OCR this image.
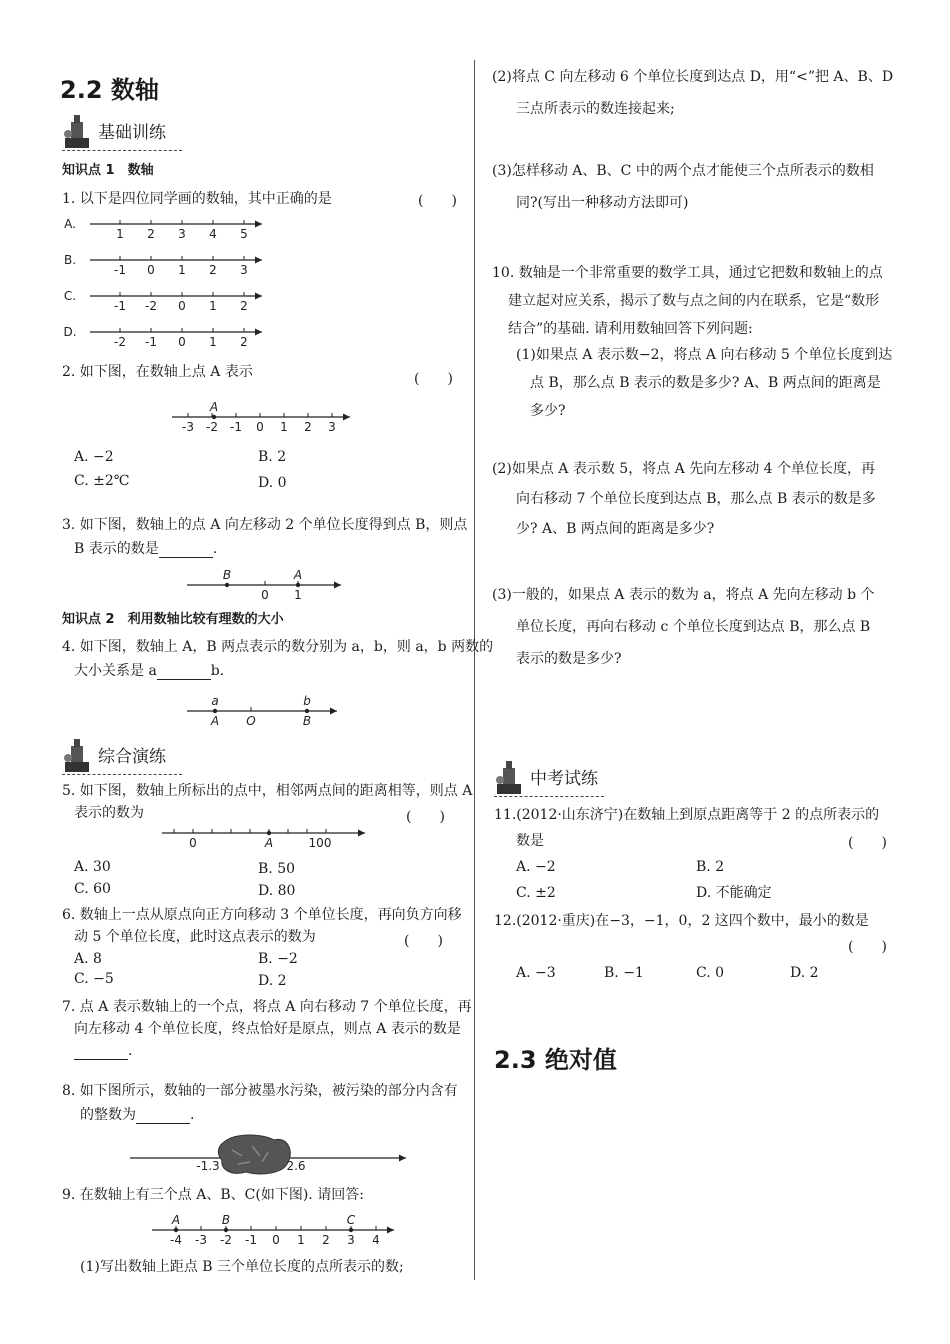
2.2 数轴
基础训练
知识点 1　数轴
1. 以下是四位同学画的数轴，其中正确的是	(　　)
A.
1 2 3 4 5
B.
-1 0 1 2 3
C.
-1 -2 0 1 2
D.
-2 -1 0 1 2
2. 如下图，在数轴上点 A 表示	(　　)
-3 -2 -1 0 1 2 3
A
A. −2	B. 2
C. ±2℃	D. 0
3. 如下图，数轴上的点 A 向左移动 2 个单位长度得到点 B，则点
B 表示的数是	.
B
0
A
1
知识点 2　利用数轴比较有理数的大小
4. 如下图，数轴上 A，B 两点表示的数分别为 a，b，则 a，b 两数的
大小关系是 a	b.
a
A O
b
B
综合演练
5. 如下图，数轴上所标出的点中，相邻两点间的距离相等，则点 A
表示的数为	(　　)
0	A	100
A. 30	B. 50
C. 60	D. 80
6. 数轴上一点从原点向正方向移动 3 个单位长度，再向负方向移
动 5 个单位长度，此时这点表示的数为	(　　)
A. 8	B. −2
C. −5	D. 2
7. 点 A 表示数轴上的一个点，将点 A 向右移动 7 个单位长度，再
向左移动 4 个单位长度，终点恰好是原点，则点 A 表示的数是
.
8. 如下图所示，数轴的一部分被墨水污染，被污染的部分内含有
的整数为	.
-1.3	2.6
9. 在数轴上有三个点 A、B、C(如下图). 请回答:
-4 -3 -2 -1 0 1 2 3 4
A	B	C
(1)写出数轴上距点 B 三个单位长度的点所表示的数;
(2)将点 C 向左移动 6 个单位长度到达点 D，用“<”把 A、B、D
三点所表示的数连接起来;
(3)怎样移动 A、B、C 中的两个点才能使三个点所表示的数相
同?(写出一种移动方法即可)
10. 数轴是一个非常重要的数学工具，通过它把数和数轴上的点
建立起对应关系，揭示了数与点之间的内在联系，它是“数形
结合”的基础. 请利用数轴回答下列问题:
(1)如果点 A 表示数−2，将点 A 向右移动 5 个单位长度到达
点 B，那么点 B 表示的数是多少? A、B 两点间的距离是
多少?
(2)如果点 A 表示数 5，将点 A 先向左移动 4 个单位长度，再
向右移动 7 个单位长度到达点 B，那么点 B 表示的数是多
少? A、B 两点间的距离是多少?
(3)一般的，如果点 A 表示的数为 a，将点 A 先向左移动 b 个
单位长度，再向右移动 c 个单位长度到达点 B，那么点 B
表示的数是多少?
中考试练
11.(2012·山东济宁)在数轴上到原点距离等于 2 的点所表示的
数是	(　　)
A. −2	B. 2
C. ±2	D. 不能确定
12.(2012·重庆)在−3，−1，0，2 这四个数中，最小的数是
(　　)
A. −3	B. −1	C. 0	D. 2
2.3 绝对值
